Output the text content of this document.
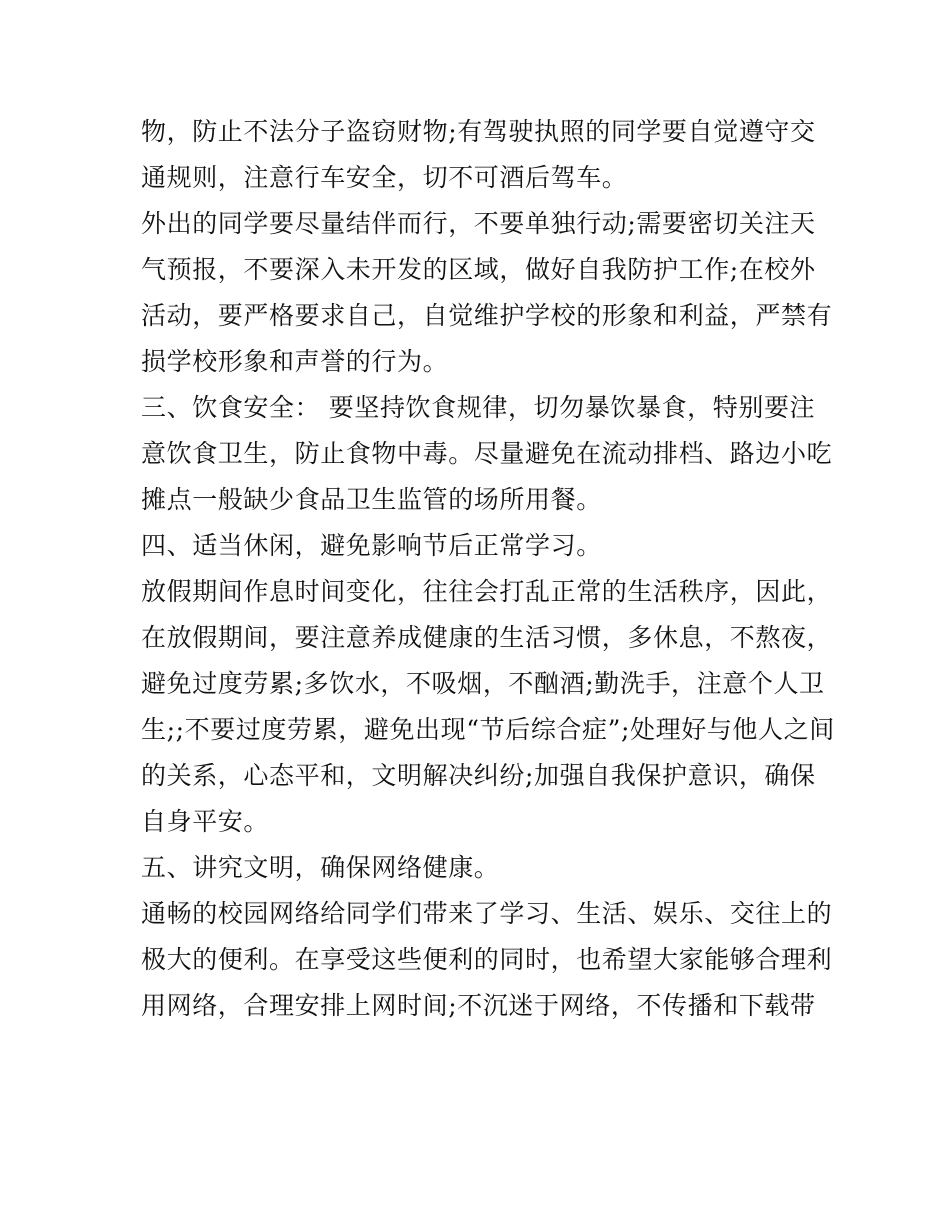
物，防止不法分子盗窃财物;有驾驶执照的同学要自觉遵守交
通规则，注意行车安全，切不可酒后驾车。
外出的同学要尽量结伴而行，不要单独行动;需要密切关注天
气预报，不要深入未开发的区域，做好自我防护工作;在校外
活动，要严格要求自己，自觉维护学校的形象和利益，严禁有
损学校形象和声誉的行为。
三、饮食安全： 要坚持饮食规律，切勿暴饮暴食，特别要注
意饮食卫生，防止食物中毒。尽量避免在流动排档、路边小吃
摊点一般缺少食品卫生监管的场所用餐。
四、适当休闲，避免影响节后正常学习。
放假期间作息时间变化，往往会打乱正常的生活秩序，因此，
在放假期间，要注意养成健康的生活习惯，多休息，不熬夜，
避免过度劳累;多饮水，不吸烟，不酗酒;勤洗手，注意个人卫
生;;不要过度劳累，避免出现“节后综合症”;处理好与他人之间
的关系，心态平和，文明解决纠纷;加强自我保护意识，确保
自身平安。
五、讲究文明，确保网络健康。
通畅的校园网络给同学们带来了学习、生活、娱乐、交往上的
极大的便利。在享受这些便利的同时，也希望大家能够合理利
用网络，合理安排上网时间;不沉迷于网络，不传播和下载带
